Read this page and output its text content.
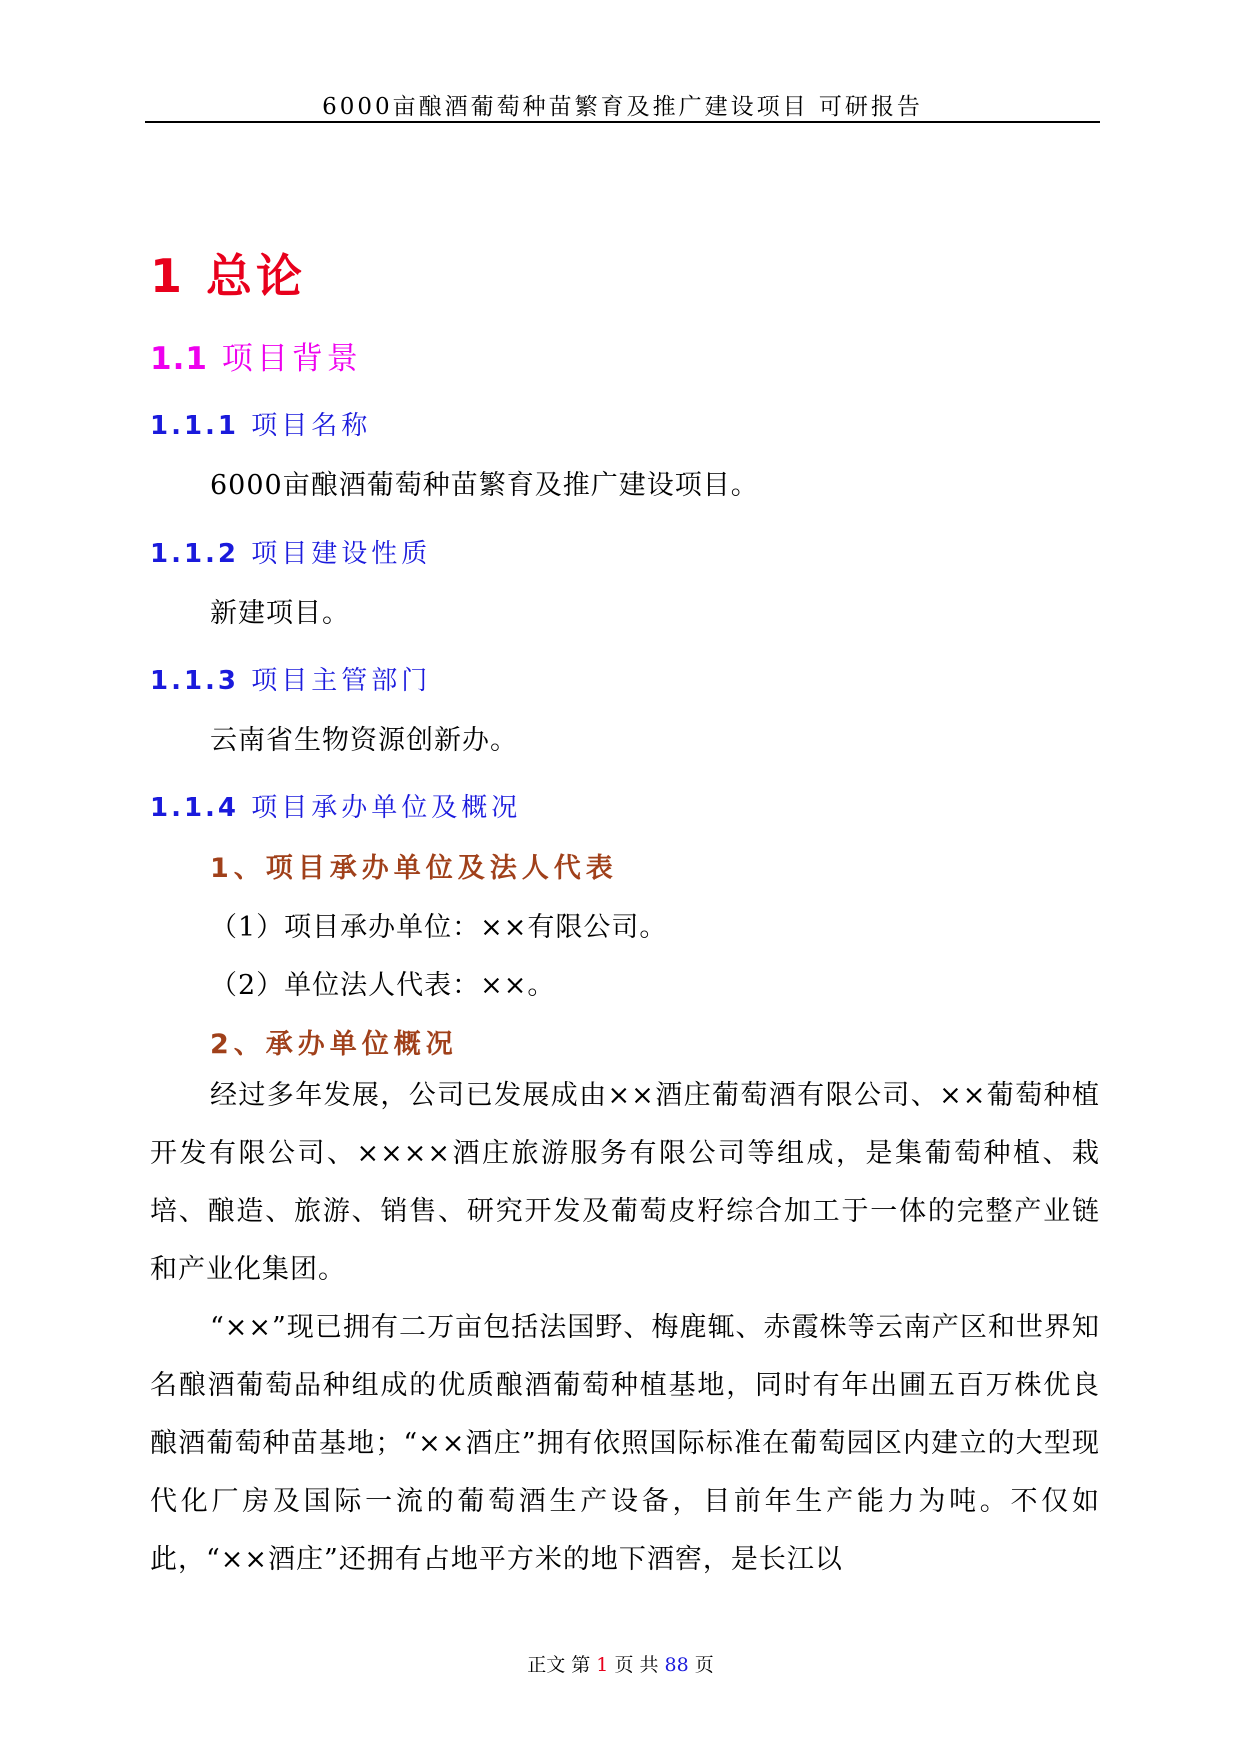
6000亩酿酒葡萄种苗繁育及推广建设项目 可研报告
1 总论
1.1 项目背景
1.1.1 项目名称
6000亩酿酒葡萄种苗繁育及推广建设项目。
1.1.2 项目建设性质
新建项目。
1.1.3 项目主管部门
云南省生物资源创新办。
1.1.4 项目承办单位及概况
1、项目承办单位及法人代表
（1）项目承办单位：××有限公司。
（2）单位法人代表：××。
2、承办单位概况
经过多年发展，公司已发展成由××酒庄葡萄酒有限公司、××葡萄种植开发有限公司、××××酒庄旅游服务有限公司等组成，是集葡萄种植、栽培、酿造、旅游、销售、研究开发及葡萄皮籽综合加工于一体的完整产业链和产业化集团。
“××”现已拥有二万亩包括法国野、梅鹿辄、赤霞株等云南产区和世界知名酿酒葡萄品种组成的优质酿酒葡萄种植基地，同时有年出圃五百万株优良酿酒葡萄种苗基地；“××酒庄”拥有依照国际标准在葡萄园区内建立的大型现代化厂房及国际一流的葡萄酒生产设备，目前年生产能力为吨。不仅如此，“××酒庄”还拥有占地平方米的地下酒窖，是长江以
正文 第 1 页 共 88 页
